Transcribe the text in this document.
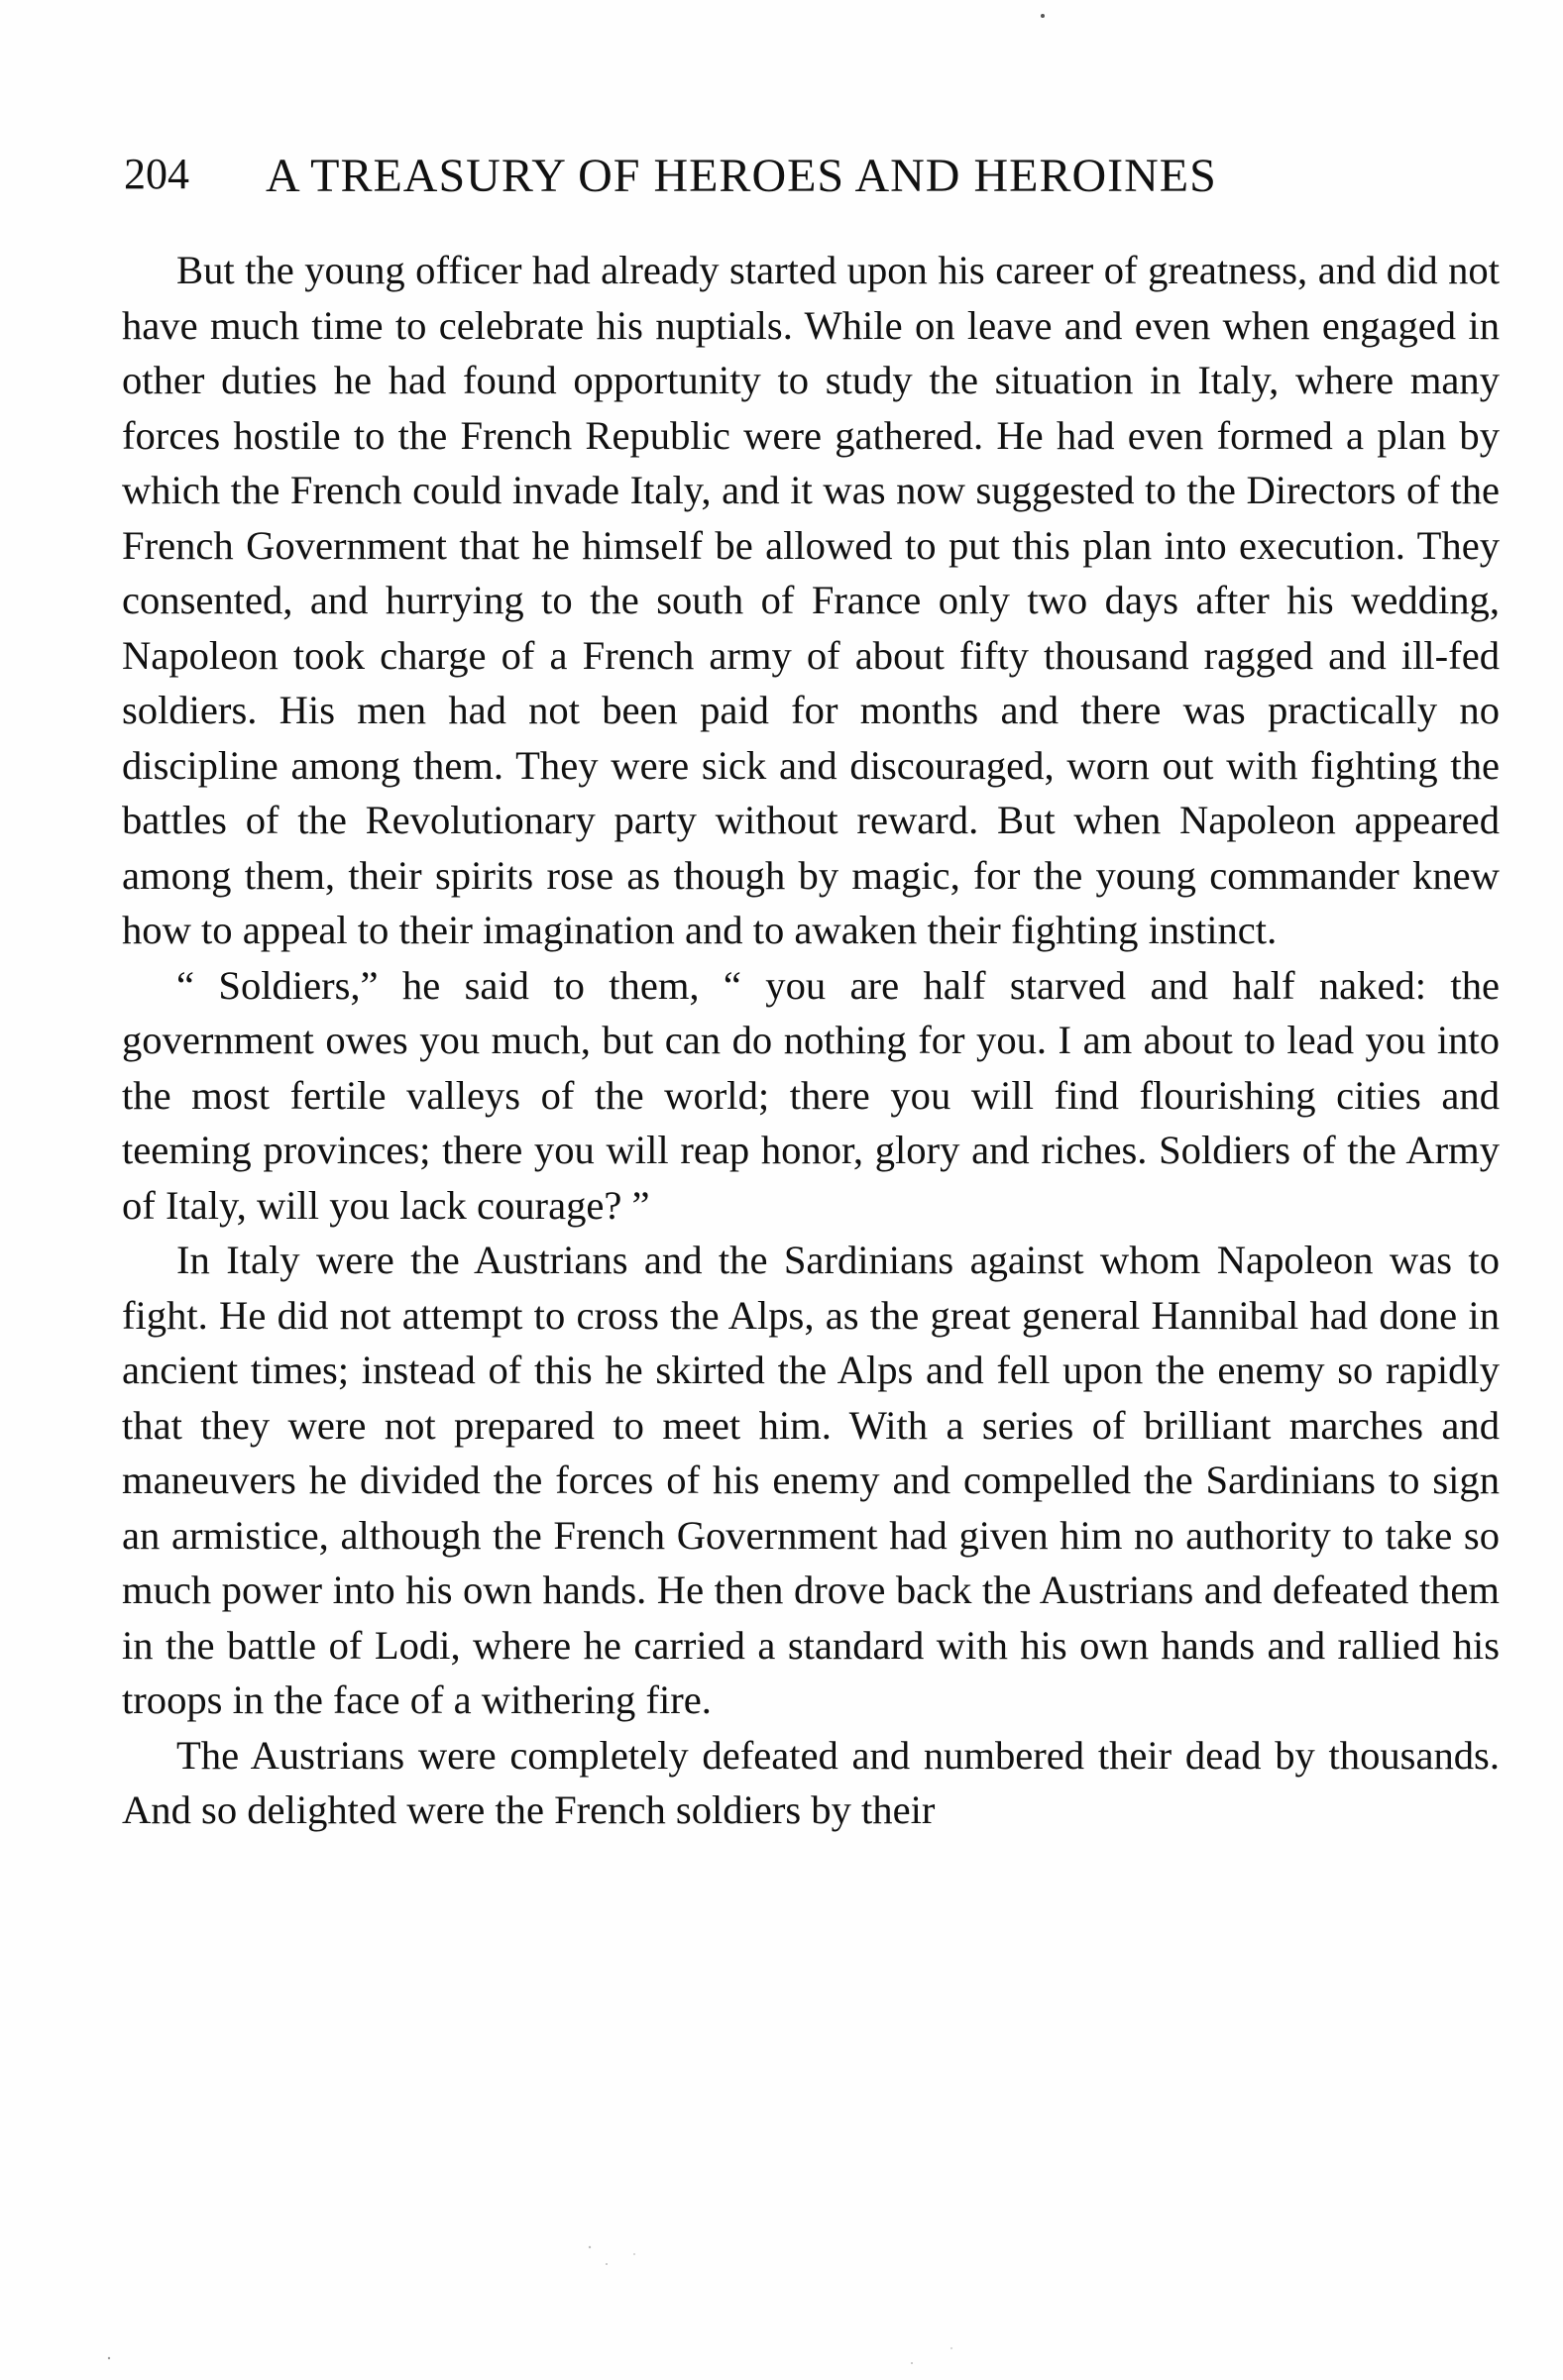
204 A TREASURY OF HEROES AND HEROINES

But the young officer had already started upon his career of greatness, and did not have much time to celebrate his nuptials. While on leave and even when engaged in other duties he had found opportunity to study the situation in Italy, where many forces hostile to the French Republic were gathered. He had even formed a plan by which the French could invade Italy, and it was now suggested to the Directors of the French Government that he himself be allowed to put this plan into execution. They consented, and hurrying to the south of France only two days after his wedding, Napoleon took charge of a French army of about fifty thousand ragged and ill-fed soldiers. His men had not been paid for months and there was practically no discipline among them. They were sick and discouraged, worn out with fighting the battles of the Revolutionary party without reward. But when Napoleon appeared among them, their spirits rose as though by magic, for the young commander knew how to appeal to their imagination and to awaken their fighting instinct.

“ Soldiers,” he said to them, “ you are half starved and half naked: the government owes you much, but can do nothing for you. I am about to lead you into the most fertile valleys of the world; there you will find flourishing cities and teeming provinces; there you will reap honor, glory and riches. Soldiers of the Army of Italy, will you lack courage? ”

In Italy were the Austrians and the Sardinians against whom Napoleon was to fight. He did not attempt to cross the Alps, as the great general Hannibal had done in ancient times; instead of this he skirted the Alps and fell upon the enemy so rapidly that they were not prepared to meet him. With a series of brilliant marches and maneuvers he divided the forces of his enemy and compelled the Sardinians to sign an armistice, although the French Government had given him no authority to take so much power into his own hands. He then drove back the Austrians and defeated them in the battle of Lodi, where he carried a standard with his own hands and rallied his troops in the face of a withering fire.

The Austrians were completely defeated and numbered their dead by thousands. And so delighted were the French soldiers by their
